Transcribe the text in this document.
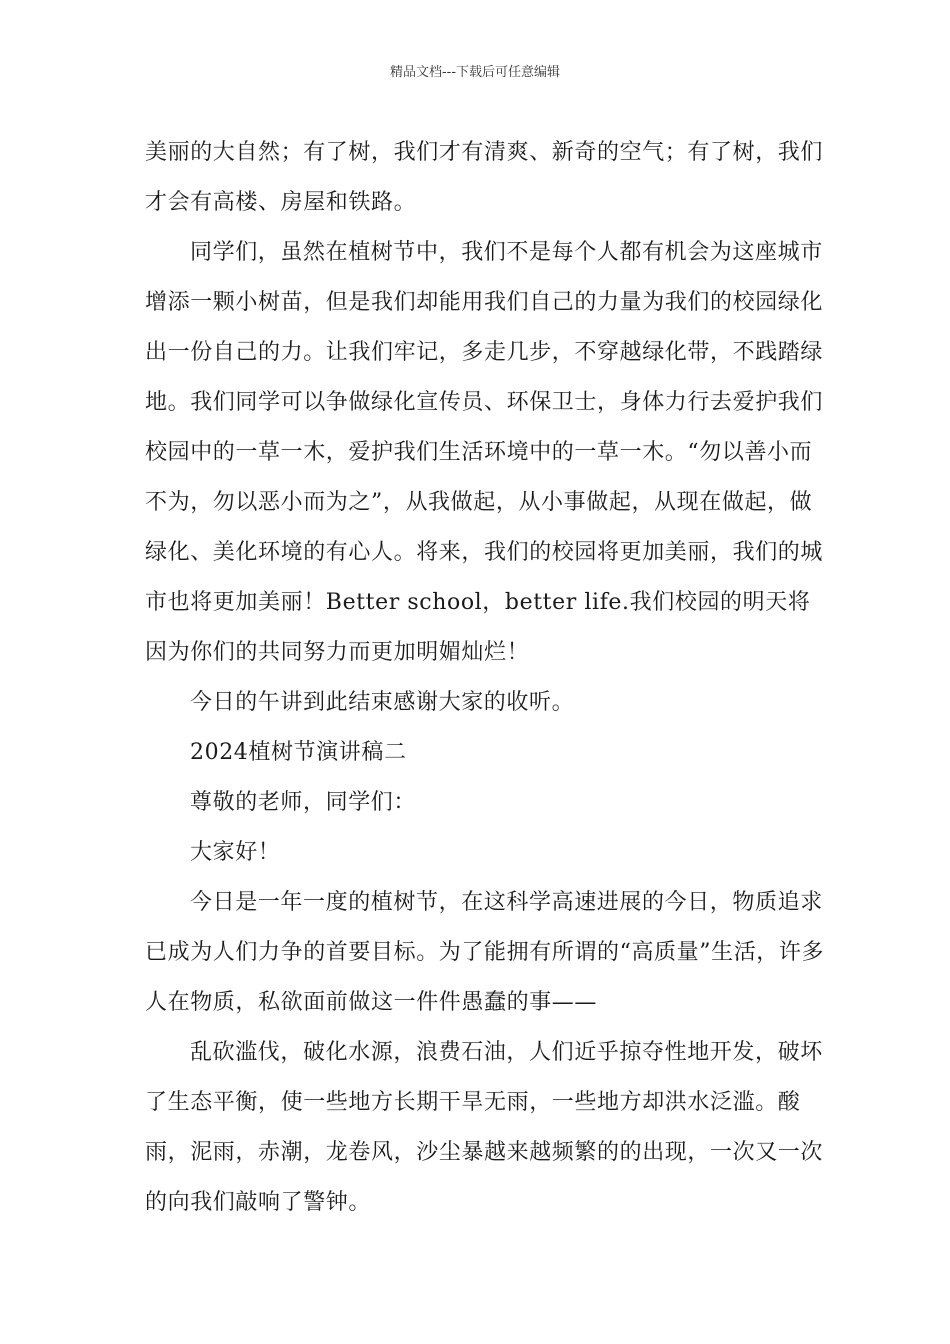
精品文档---下载后可任意编辑

美丽的大自然；有了树，我们才有清爽、新奇的空气；有了树，我们才会有高楼、房屋和铁路。

同学们，虽然在植树节中，我们不是每个人都有机会为这座城市增添一颗小树苗，但是我们却能用我们自己的力量为我们的校园绿化出一份自己的力。让我们牢记，多走几步，不穿越绿化带，不践踏绿地。我们同学可以争做绿化宣传员、环保卫士，身体力行去爱护我们校园中的一草一木，爱护我们生活环境中的一草一木。“勿以善小而不为，勿以恶小而为之”，从我做起，从小事做起，从现在做起，做绿化、美化环境的有心人。将来，我们的校园将更加美丽，我们的城市也将更加美丽！Better school，better life.我们校园的明天将因为你们的共同努力而更加明媚灿烂！

今日的午讲到此结束感谢大家的收听。

2024植树节演讲稿二

尊敬的老师，同学们：

大家好！

今日是一年一度的植树节，在这科学高速进展的今日，物质追求已成为人们力争的首要目标。为了能拥有所谓的“高质量”生活，许多人在物质，私欲面前做这一件件愚蠢的事——

乱砍滥伐，破化水源，浪费石油，人们近乎掠夺性地开发，破坏了生态平衡，使一些地方长期干旱无雨，一些地方却洪水泛滥。酸雨，泥雨，赤潮，龙卷风，沙尘暴越来越频繁的的出现，一次又一次的向我们敲响了警钟。
